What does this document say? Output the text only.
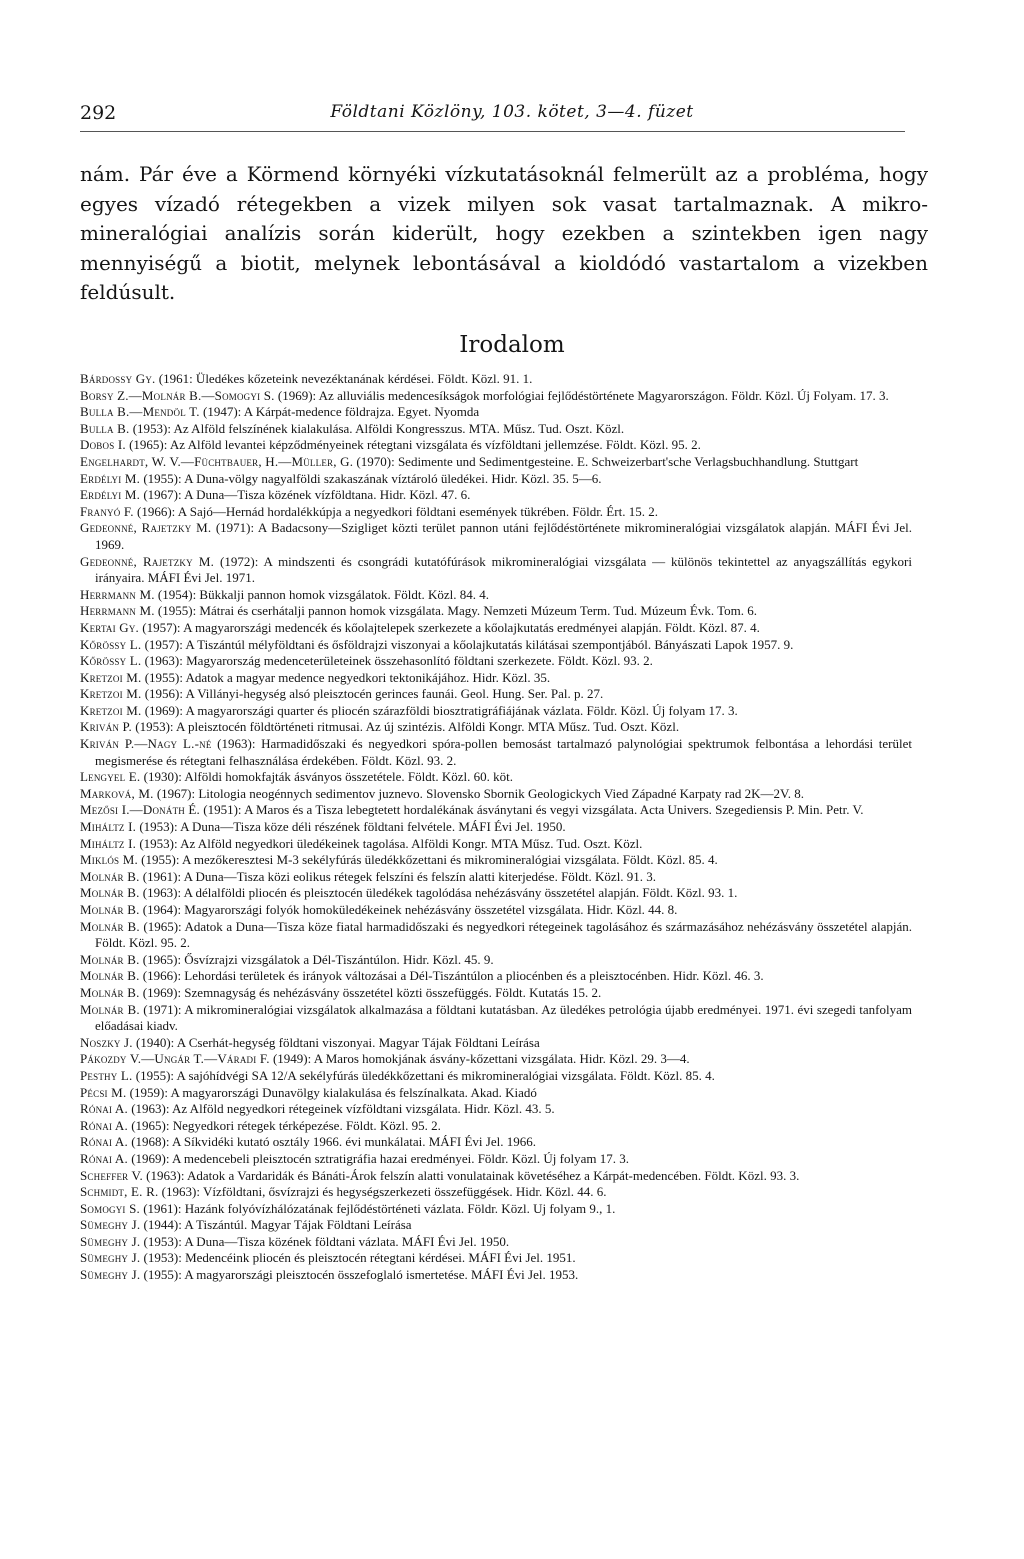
292	Földtani Közlöny, 103. kötet, 3—4. füzet

nám. Pár éve a Körmend környéki vízkutatásoknál felmerült az a probléma, hogy egyes vízadó rétegekben a vizek milyen sok vasat tartalmaznak. A mikromineralógiai analízis során kiderült, hogy ezekben a szintekben igen nagy mennyiségű a biotit, melynek lebontásával a kioldódó vastartalom a vizekben feldúsult.

Irodalom
Bárdossy Gy. (1961: Üledékes kőzeteink nevezéktanának kérdései. Földt. Közl. 91. 1.
Borsy Z.—Molnár B.—Somogyi S. (1969): Az alluviális medencesíkságok morfológiai fejlődéstörténete Magyarországon. Földr. Közl. Új Folyam. 17. 3.
Bulla B.—Mendöl T. (1947): A Kárpát-medence földrajza. Egyet. Nyomda
Bulla B. (1953): Az Alföld felszínének kialakulása. Alföldi Kongresszus. MTA. Műsz. Tud. Oszt. Közl.
Dobos I. (1965): Az Alföld levantei képződményeinek rétegtani vizsgálata és vízföldtani jellemzése. Földt. Közl. 95. 2.
Engelhardt, W. V.—Füchtbauer, H.—Müller, G. (1970): Sedimente und Sedimentgesteine. E. Schweizerbart'sche Verlagsbuchhandlung. Stuttgart
Erdélyi M. (1955): A Duna-völgy nagyalföldi szakaszának víztároló üledékei. Hidr. Közl. 35. 5—6.
Erdélyi M. (1967): A Duna—Tisza közének vízföldtana. Hidr. Közl. 47. 6.
Franyó F. (1966): A Sajó—Hernád hordalékkúpja a negyedkori földtani események tükrében. Földr. Ért. 15. 2.
Gedeonné, Rajetzky M. (1971): A Badacsony—Szigliget közti terület pannon utáni fejlődéstörténete mikromineralógiai vizsgálatok alapján. MÁFI Évi Jel. 1969.
Gedeonné, Rajetzky M. (1972): A mindszenti és csongrádi kutatófúrások mikromineralógiai vizsgálata — különös tekintettel az anyagszállítás egykori irányaira. MÁFI Évi Jel. 1971.
Herrmann M. (1954): Bükkalji pannon homok vizsgálatok. Földt. Közl. 84. 4.
Herrmann M. (1955): Mátrai és cserhátalji pannon homok vizsgálata. Magy. Nemzeti Múzeum Term. Tud. Múzeum Évk. Tom. 6.
Kertai Gy. (1957): A magyarországi medencék és kőolajtelepek szerkezete a kőolajkutatás eredményei alapján. Földt. Közl. 87. 4.
Kőrössy L. (1957): A Tiszántúl mélyföldtani és ősföldrajzi viszonyai a kőolajkutatás kilátásai szempontjából. Bányászati Lapok 1957. 9.
Kőrössy L. (1963): Magyarország medenceterületeinek összehasonlító földtani szerkezete. Földt. Közl. 93. 2.
Kretzoi M. (1955): Adatok a magyar medence negyedkori tektonikájához. Hidr. Közl. 35.
Kretzoi M. (1956): A Villányi-hegység alsó pleisztocén gerinces faunái. Geol. Hung. Ser. Pal. p. 27.
Kretzoi M. (1969): A magyarországi quarter és pliocén szárazföldi biosztratigráfiájának vázlata. Földr. Közl. Új folyam 17. 3.
Kriván P. (1953): A pleisztocén földtörténeti ritmusai. Az új szintézis. Alföldi Kongr. MTA Műsz. Tud. Oszt. Közl.
Kriván P.—Nagy L.-né (1963): Harmadidőszaki és negyedkori spóra-pollen bemosást tartalmazó palynológiai spektrumok felbontása a lehordási terület megismerése és rétegtani felhasználása érdekében. Földt. Közl. 93. 2.
Lengyel E. (1930): Alföldi homokfajták ásványos összetétele. Földt. Közl. 60. köt.
Marková, M. (1967): Litologia neogénnych sedimentov juznevo. Slovensko Sbornik Geologickych Vied Západné Karpaty rad 2K—2V. 8.
Mezősi I.—Donáth É. (1951): A Maros és a Tisza lebegtetett hordalékának ásványtani és vegyi vizsgálata. Acta Univers. Szegediensis P. Min. Petr. V.
Miháltz I. (1953): A Duna—Tisza köze déli részének földtani felvétele. MÁFI Évi Jel. 1950.
Miháltz I. (1953): Az Alföld negyedkori üledékeinek tagolása. Alföldi Kongr. MTA Műsz. Tud. Oszt. Közl.
Miklós M. (1955): A mezőkeresztesi M-3 sekélyfúrás üledékkőzettani és mikromineralógiai vizsgálata. Földt. Közl. 85. 4.
Molnár B. (1961): A Duna—Tisza közi eolikus rétegek felszíni és felszín alatti kiterjedése. Földt. Közl. 91. 3.
Molnár B. (1963): A délalföldi pliocén és pleisztocén üledékek tagolódása nehézásvány összetétel alapján. Földt. Közl. 93. 1.
Molnár B. (1964): Magyarországi folyók homoküledékeinek nehézásvány összetétel vizsgálata. Hidr. Közl. 44. 8.
Molnár B. (1965): Adatok a Duna—Tisza köze fiatal harmadidőszaki és negyedkori rétegeinek tagolásához és származásához nehézásvány összetétel alapján. Földt. Közl. 95. 2.
Molnár B. (1965): Ősvízrajzi vizsgálatok a Dél-Tiszántúlon. Hidr. Közl. 45. 9.
Molnár B. (1966): Lehordási területek és irányok változásai a Dél-Tiszántúlon a pliocénben és a pleisztocénben. Hidr. Közl. 46. 3.
Molnár B. (1969): Szemnagyság és nehézásvány összetétel közti összefüggés. Földt. Kutatás 15. 2.
Molnár B. (1971): A mikromineralógiai vizsgálatok alkalmazása a földtani kutatásban. Az üledékes petrológia újabb eredményei. 1971. évi szegedi tanfolyam előadásai kiadv.
Noszky J. (1940): A Cserhát-hegység földtani viszonyai. Magyar Tájak Földtani Leírása
Pákozdy V.—Ungár T.—Váradi F. (1949): A Maros homokjának ásvány-kőzettani vizsgálata. Hidr. Közl. 29. 3—4.
Pesthy L. (1955): A sajóhídvégi SA 12/A sekélyfúrás üledékkőzettani és mikromineralógiai vizsgálata. Földt. Közl. 85. 4.
Pécsi M. (1959): A magyarországi Dunavölgy kialakulása és felszínalkata. Akad. Kiadó
Rónai A. (1963): Az Alföld negyedkori rétegeinek vízföldtani vizsgálata. Hidr. Közl. 43. 5.
Rónai A. (1965): Negyedkori rétegek térképezése. Földt. Közl. 95. 2.
Rónai A. (1968): A Síkvidéki kutató osztály 1966. évi munkálatai. MÁFI Évi Jel. 1966.
Rónai A. (1969): A medencebeli pleisztocén sztratigráfia hazai eredményei. Földr. Közl. Új folyam 17. 3.
Scheffer V. (1963): Adatok a Vardaridák és Bánáti-Árok felszín alatti vonulatainak követéséhez a Kárpát-medencében. Földt. Közl. 93. 3.
Schmidt, E. R. (1963): Vízföldtani, ősvízrajzi és hegységszerkezeti összefüggések. Hidr. Közl. 44. 6.
Somogyi S. (1961): Hazánk folyóvízhálózatának fejlődéstörténeti vázlata. Földr. Közl. Uj folyam 9., 1.
Sümeghy J. (1944): A Tiszántúl. Magyar Tájak Földtani Leírása
Sümeghy J. (1953): A Duna—Tisza közének földtani vázlata. MÁFI Évi Jel. 1950.
Sümeghy J. (1953): Medencéink pliocén és pleisztocén rétegtani kérdései. MÁFI Évi Jel. 1951.
Sümeghy J. (1955): A magyarországi pleisztocén összefoglaló ismertetése. MÁFI Évi Jel. 1953.
